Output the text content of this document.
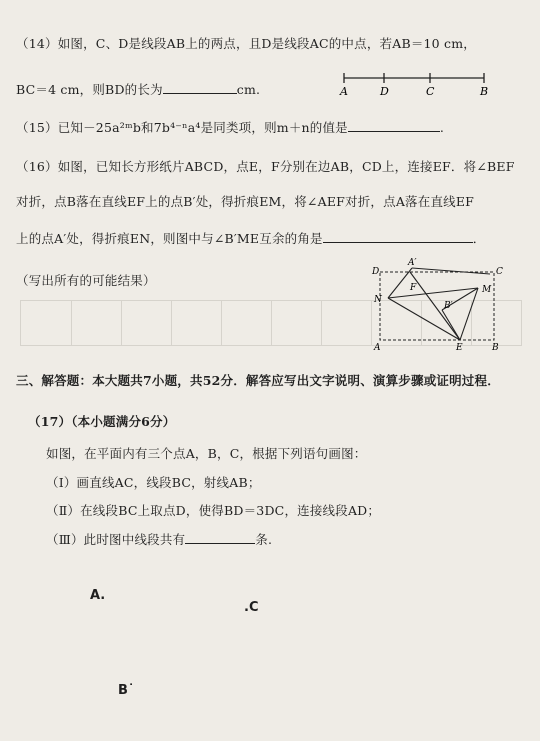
（14）如图，C、D是线段AB上的两点，且D是线段AC的中点，若AB＝10 cm，
BC＝4 cm，则BD的长为	cm.	A	D	C	B
（15）已知－25a²ᵐb和7b⁴⁻ⁿa⁴是同类项，则m＋n的值是	.
（16）如图，已知长方形纸片ABCD，点E，F分别在边AB，CD上，连接EF．将∠BEF
对折，点B落在直线EF上的点B′处，得折痕EM，将∠AEF对折，点A落在直线EF
上的点A′处，得折痕EN，则图中与∠B′ME互余的角是	．
（写出所有的可能结果）
D
A′
C
F	M
N
B′
A	E	B
三、解答题：本大题共7小题，共52分．解答应写出文字说明、演算步骤或证明过程．
（17）（本小题满分6分）
如图，在平面内有三个点A，B，C，根据下列语句画图：
（Ⅰ）画直线AC，线段BC，射线AB；
（Ⅱ）在线段BC上取点D，使得BD＝3DC，连接线段AD；
（Ⅲ）此时图中线段共有	条.
A.
.C
B˙
